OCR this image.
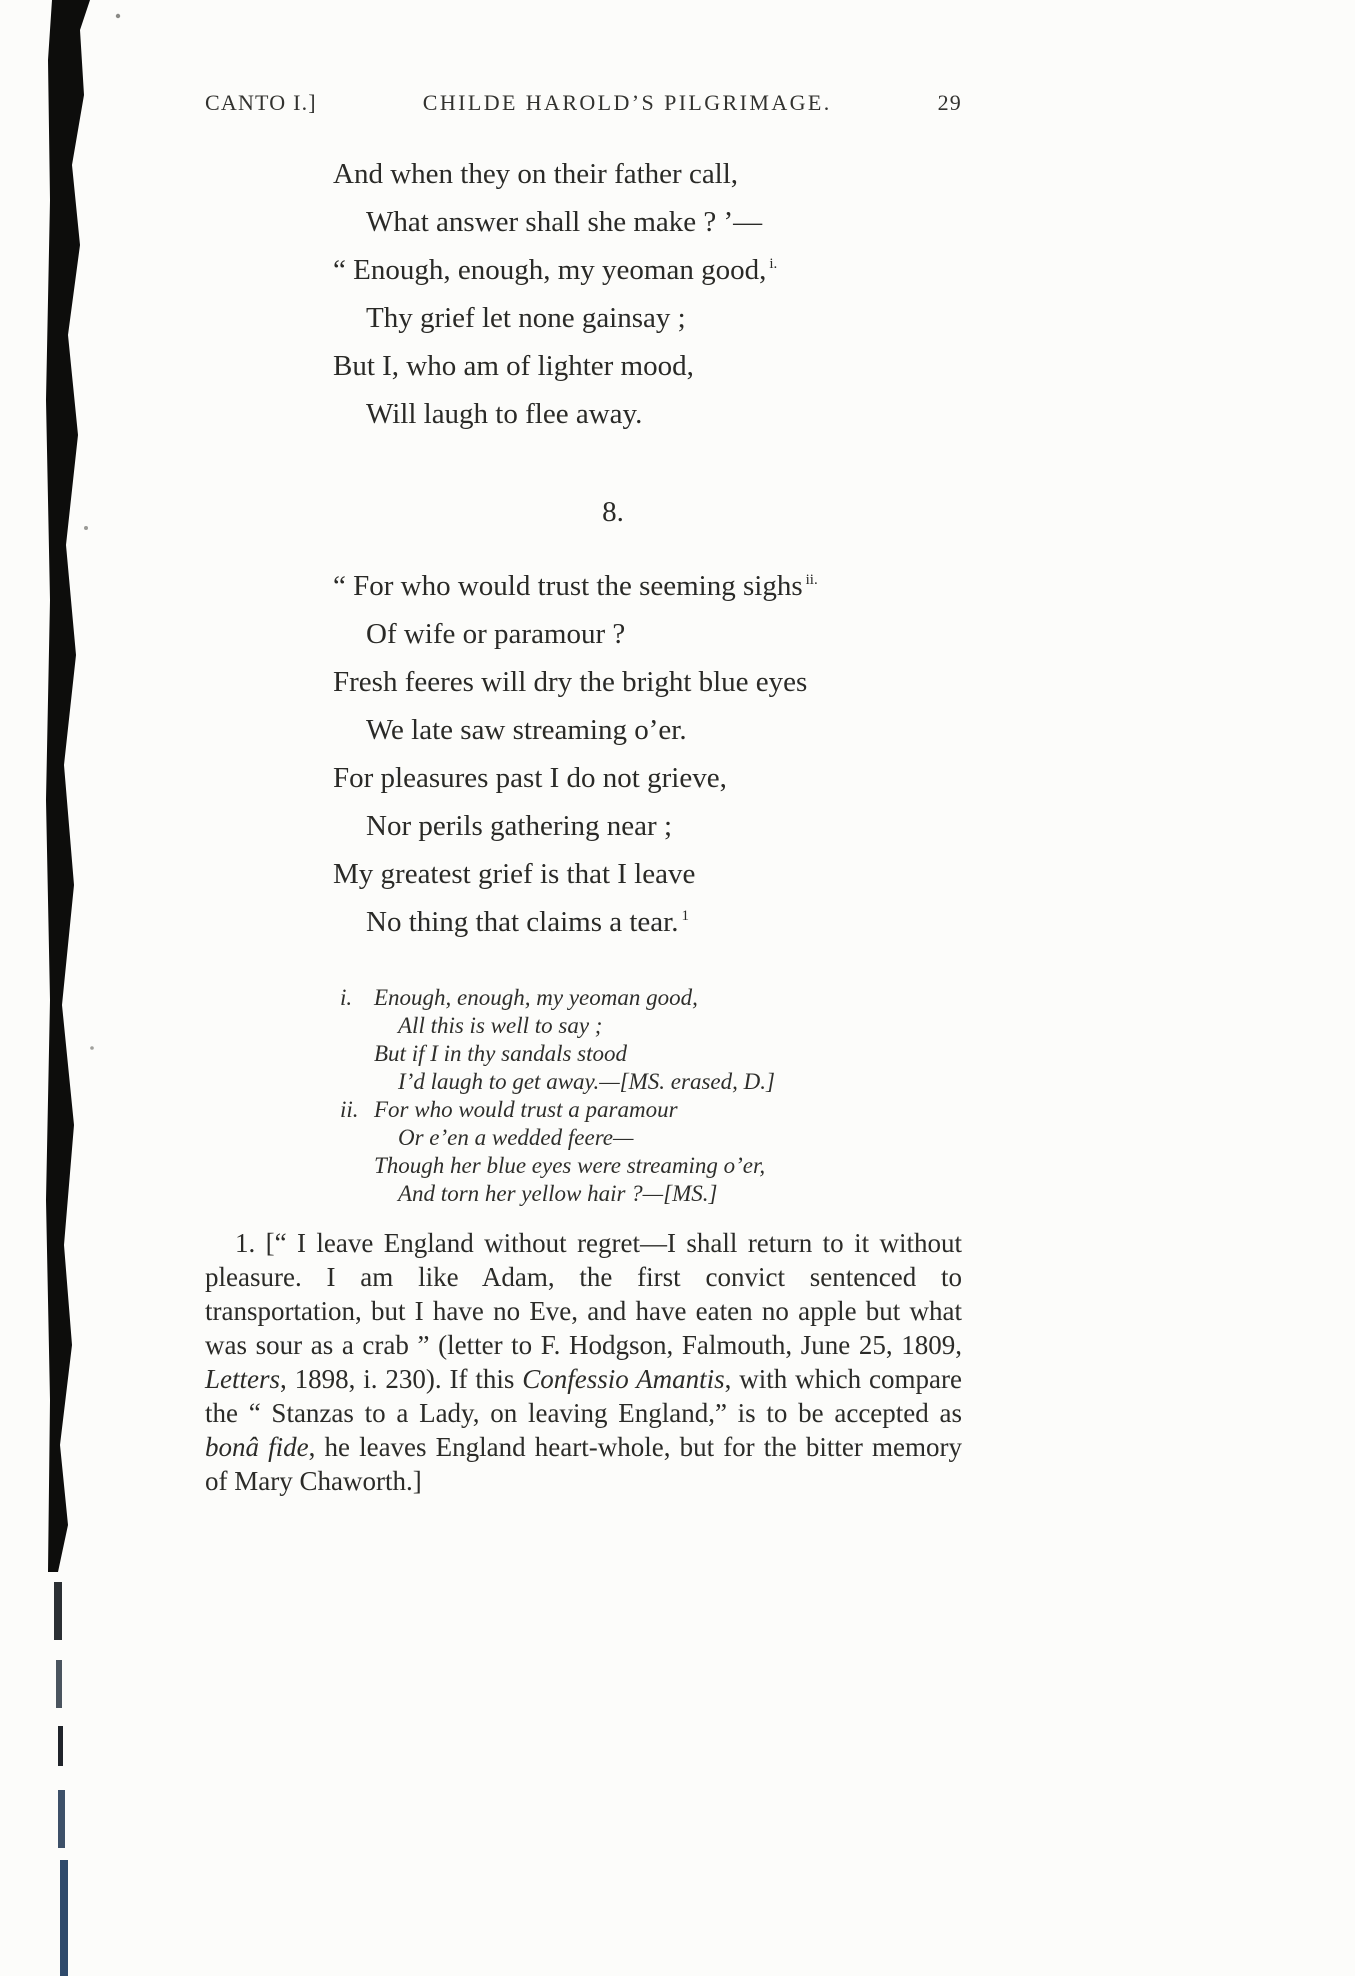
CANTO I.]	CHILDE HAROLD’S PILGRIMAGE.	29
And when they on their father call,
What answer shall she make ? ’—
“ Enough, enough, my yeoman good, $^{i.}$
Thy grief let none gainsay ;
But I, who am of lighter mood,
Will laugh to flee away.
8.
“ For who would trust the seeming sighs $^{ii.}$
Of wife or paramour ?
Fresh feeres will dry the bright blue eyes
We late saw streaming o’er.
For pleasures past I do not grieve,
Nor perils gathering near ;
My greatest grief is that I leave
No thing that claims a tear. $^1$
i. Enough, enough, my yeoman good,
All this is well to say ;
But if I in thy sandals stood
I’d laugh to get away.—[MS. erased, D.]
ii. For who would trust a paramour
Or e’en a wedded feere—
Though her blue eyes were streaming o’er,
And torn her yellow hair ?—[MS.]
1. [“ I leave England without regret—I shall return to it without pleasure. I am like Adam, the first convict sentenced to transportation, but I have no Eve, and have eaten no apple but what was sour as a crab ” (letter to F. Hodgson, Falmouth, June 25, 1809, Letters, 1898, i. 230). If this Confessio Amantis, with which compare the “ Stanzas to a Lady, on leaving England,” is to be accepted as bonâ fide, he leaves England heart-whole, but for the bitter memory of Mary Chaworth.]
